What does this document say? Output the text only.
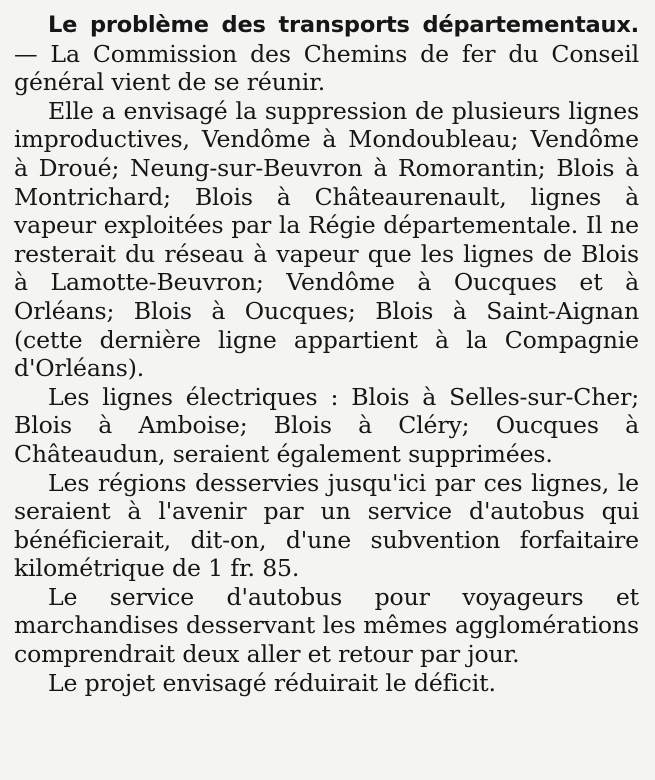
Le problème des transports départementaux. — La Commission des Chemins de fer du Conseil général vient de se réunir.

Elle a envisagé la suppression de plusieurs lignes improductives, Vendôme à Mondoubleau; Vendôme à Droué; Neung-sur-Beuvron à Romorantin; Blois à Montrichard; Blois à Châteaurenault, lignes à vapeur exploitées par la Régie départementale. Il ne resterait du réseau à vapeur que les lignes de Blois à Lamotte-Beuvron; Vendôme à Oucques et à Orléans; Blois à Oucques; Blois à Saint-Aignan (cette dernière ligne appartient à la Compagnie d'Orléans).

Les lignes électriques : Blois à Selles-sur-Cher; Blois à Amboise; Blois à Cléry; Oucques à Châteaudun, seraient également supprimées.

Les régions desservies jusqu'ici par ces lignes, le seraient à l'avenir par un service d'autobus qui bénéficierait, dit-on, d'une subvention forfaitaire kilométrique de 1 fr. 85.

Le service d'autobus pour voyageurs et marchandises desservant les mêmes agglomérations comprendrait deux aller et retour par jour.

Le projet envisagé réduirait le déficit.
